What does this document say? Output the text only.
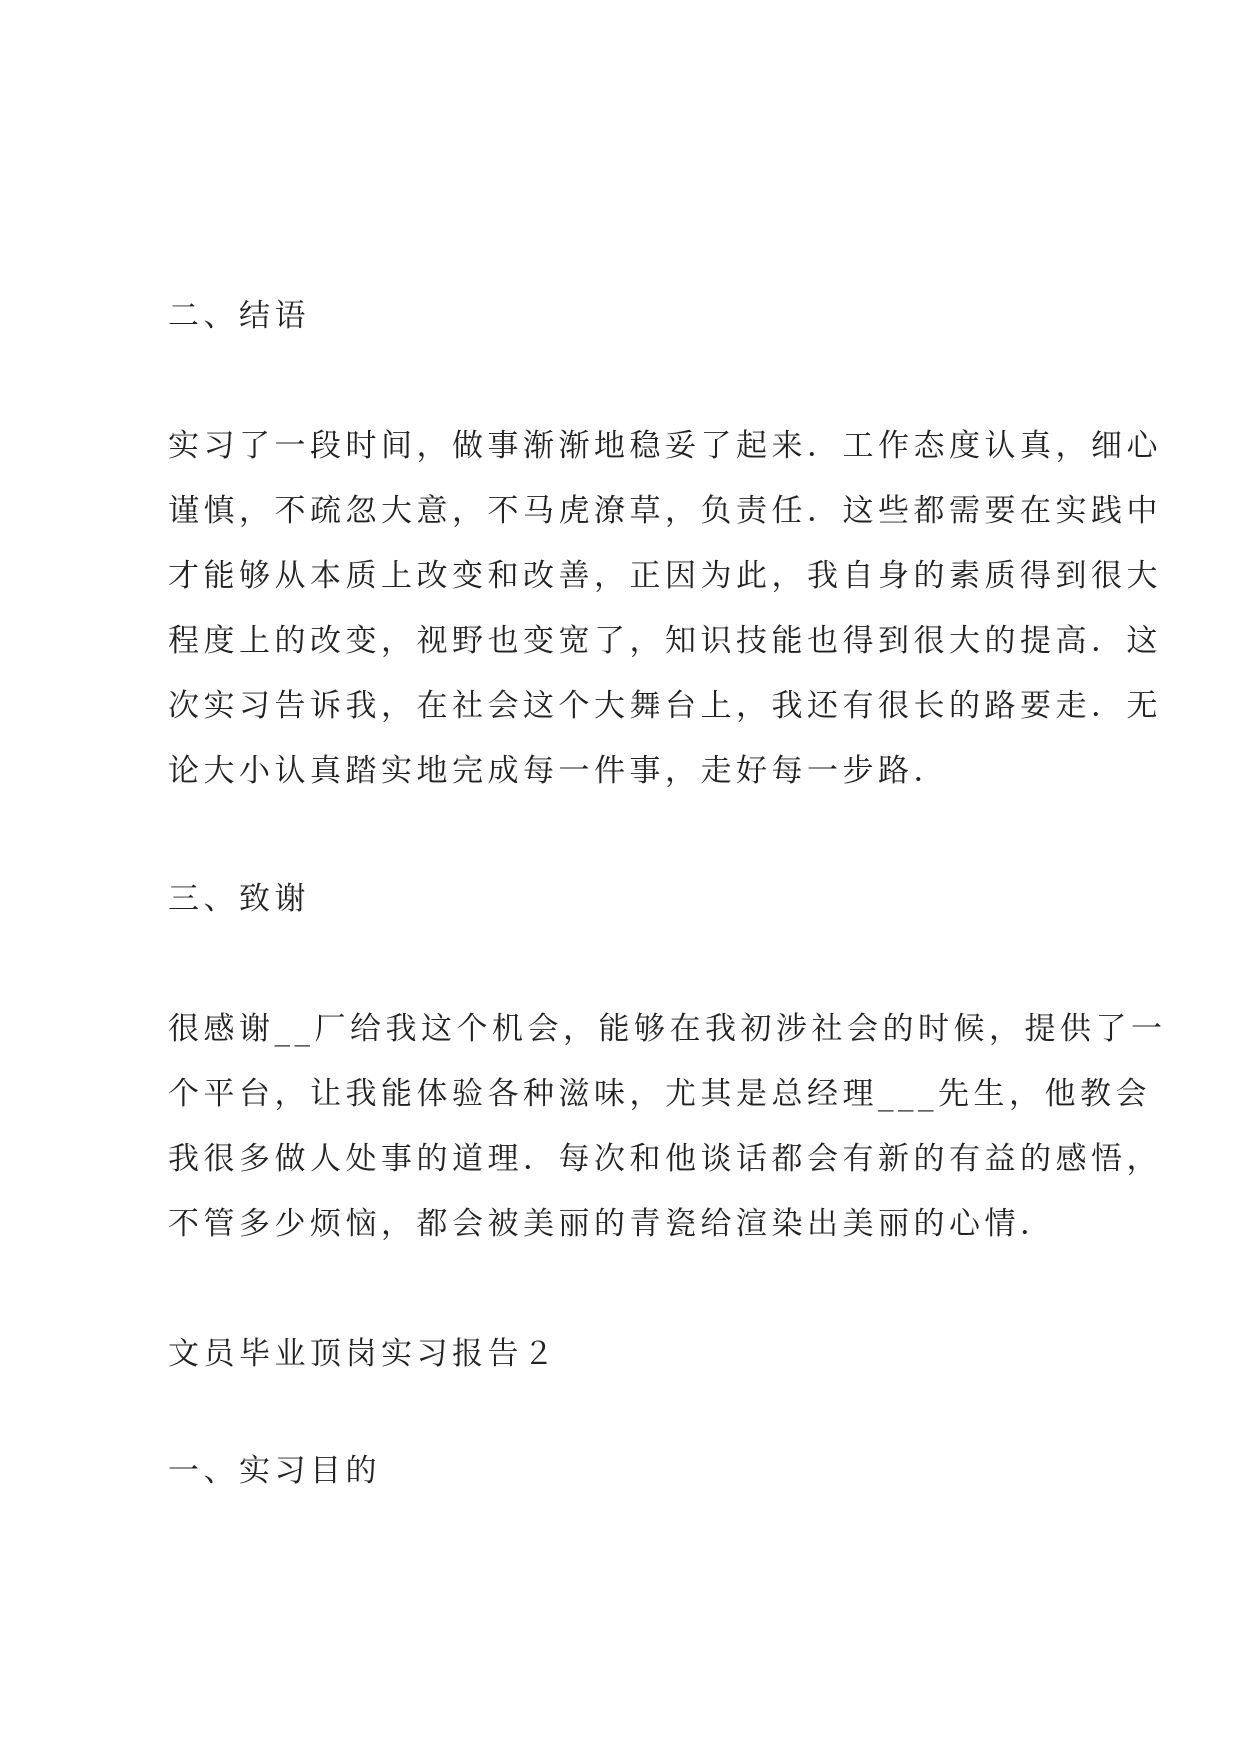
二、结语
实习了一段时间，做事渐渐地稳妥了起来．工作态度认真，细心
谨慎，不疏忽大意，不马虎潦草，负责任．这些都需要在实践中
才能够从本质上改变和改善，正因为此，我自身的素质得到很大
程度上的改变，视野也变宽了，知识技能也得到很大的提高．这
次实习告诉我，在社会这个大舞台上，我还有很长的路要走．无
论大小认真踏实地完成每一件事，走好每一步路．
三、致谢
很感谢__厂给我这个机会，能够在我初涉社会的时候，提供了一
个平台，让我能体验各种滋味，尤其是总经理___先生，他教会
我很多做人处事的道理．每次和他谈话都会有新的有益的感悟，
不管多少烦恼，都会被美丽的青瓷给渲染出美丽的心情．
文员毕业顶岗实习报告２
一、实习目的
